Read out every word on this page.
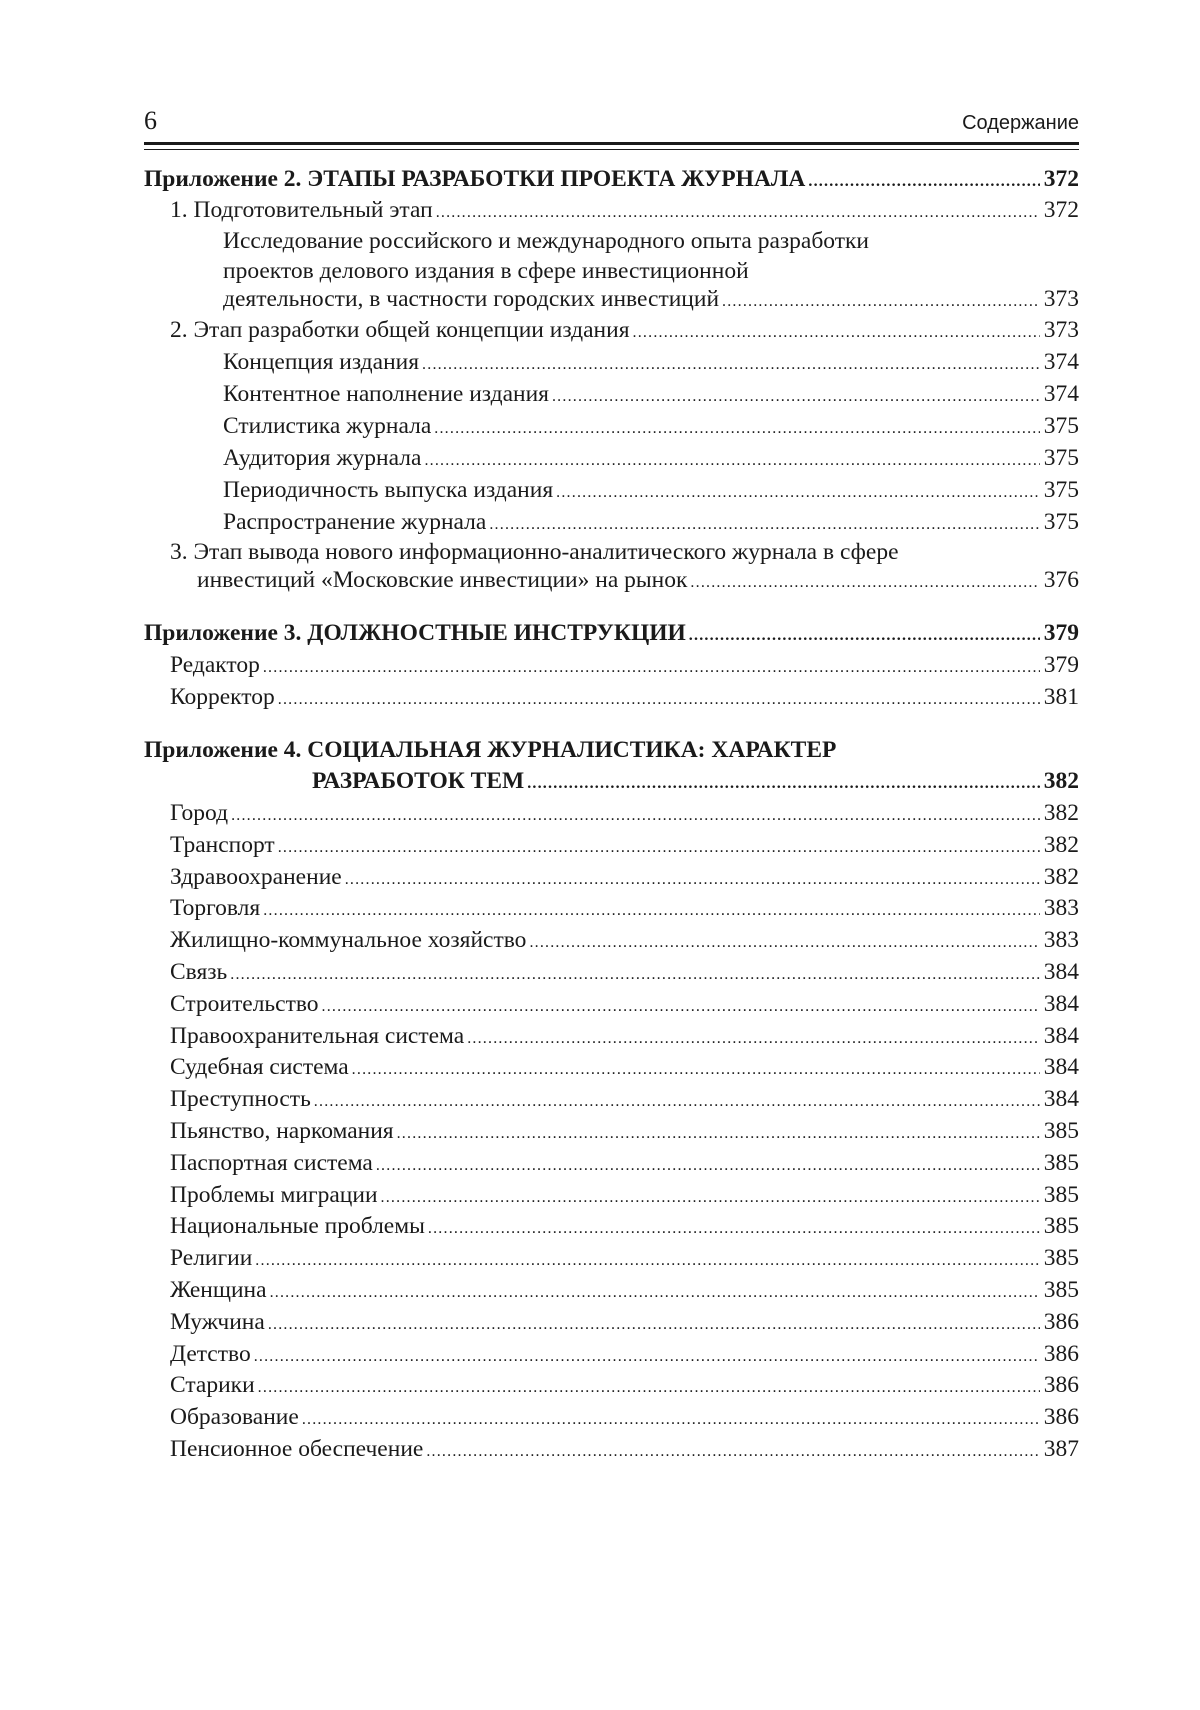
6	Содержание
Приложение 2. ЭТАПЫ РАЗРАБОТКИ ПРОЕКТА ЖУРНАЛА .....	372
1. Подготовительный этап .....	372
Исследование российского и международного опыта разработки
проектов делового издания в сфере инвестиционной
деятельности, в частности городских инвестиций .....	373
2. Этап разработки общей концепции издания .....	373
Концепция издания .....	374
Контентное наполнение издания .....	374
Стилистика журнала .....	375
Аудитория журнала .....	375
Периодичность выпуска издания .....	375
Распространение журнала .....	375
3. Этап вывода нового информационно-аналитического журнала в сфере
инвестиций «Московские инвестиции» на рынок .....	376
Приложение 3. ДОЛЖНОСТНЫЕ ИНСТРУКЦИИ .....	379
Редактор .....	379
Корректор .....	381
Приложение 4. СОЦИАЛЬНАЯ ЖУРНАЛИСТИКА: ХАРАКТЕР
РАЗРАБОТОК ТЕМ .....	382
Город .....	382
Транспорт .....	382
Здравоохранение .....	382
Торговля .....	383
Жилищно-коммунальное хозяйство .....	383
Связь .....	384
Строительство .....	384
Правоохранительная система .....	384
Судебная система .....	384
Преступность .....	384
Пьянство, наркомания .....	385
Паспортная система .....	385
Проблемы миграции .....	385
Национальные проблемы .....	385
Религии .....	385
Женщина .....	385
Мужчина .....	386
Детство .....	386
Старики .....	386
Образование .....	386
Пенсионное обеспечение .....	387
